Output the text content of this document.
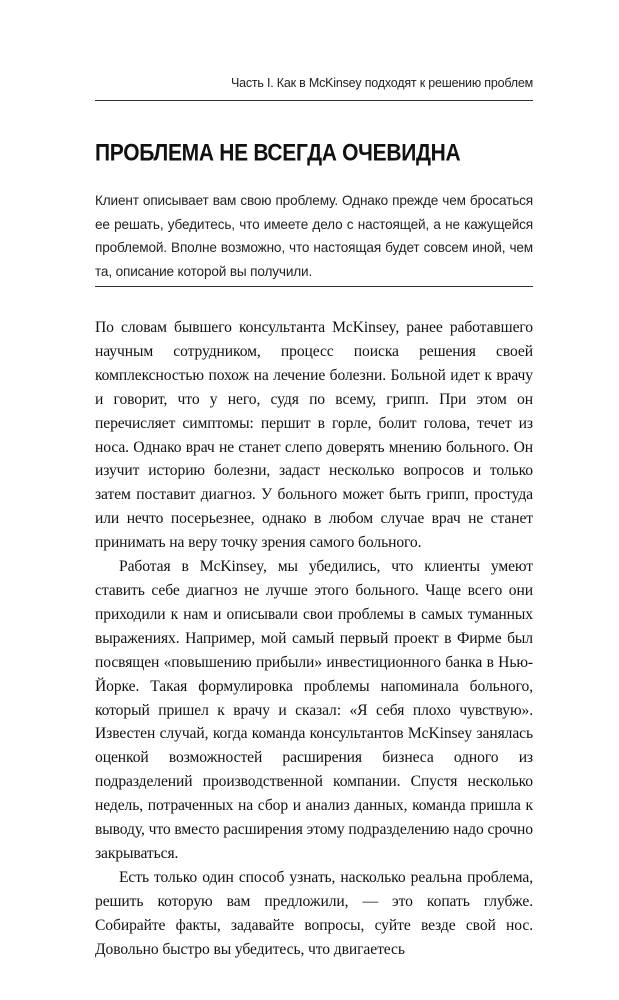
Часть I. Как в McKinsey подходят к решению проблем
ПРОБЛЕМА НЕ ВСЕГДА ОЧЕВИДНА
Клиент описывает вам свою проблему. Однако прежде чем бросаться ее решать, убедитесь, что имеете дело с настоящей, а не кажущейся проблемой. Вполне возможно, что настоящая будет совсем иной, чем та, описание которой вы получили.

По словам бывшего консультанта McKinsey, ранее работавшего научным сотрудником, процесс поиска решения своей комплексностью похож на лечение болезни. Больной идет к врачу и говорит, что у него, судя по всему, грипп. При этом он перечисляет симптомы: першит в горле, болит голова, течет из носа. Однако врач не станет слепо доверять мнению больного. Он изучит историю болезни, задаст несколько вопросов и только затем поставит диагноз. У больного может быть грипп, простуда или нечто посерьезнее, однако в любом случае врач не станет принимать на веру точку зрения самого больного.

Работая в McKinsey, мы убедились, что клиенты умеют ставить себе диагноз не лучше этого больного. Чаще всего они приходили к нам и описывали свои проблемы в самых туманных выражениях. Например, мой самый первый проект в Фирме был посвящен «повышению прибыли» инвестиционного банка в Нью-Йорке. Такая формулировка проблемы напоминала больного, который пришел к врачу и сказал: «Я себя плохо чувствую». Известен случай, когда команда консультантов McKinsey занялась оценкой возможностей расширения бизнеса одного из подразделений производственной компании. Спустя несколько недель, потраченных на сбор и анализ данных, команда пришла к выводу, что вместо расширения этому подразделению надо срочно закрываться.

Есть только один способ узнать, насколько реальна проблема, решить которую вам предложили, — это копать глубже. Собирайте факты, задавайте вопросы, суйте везде свой нос. Довольно быстро вы убедитесь, что двигаетесь
